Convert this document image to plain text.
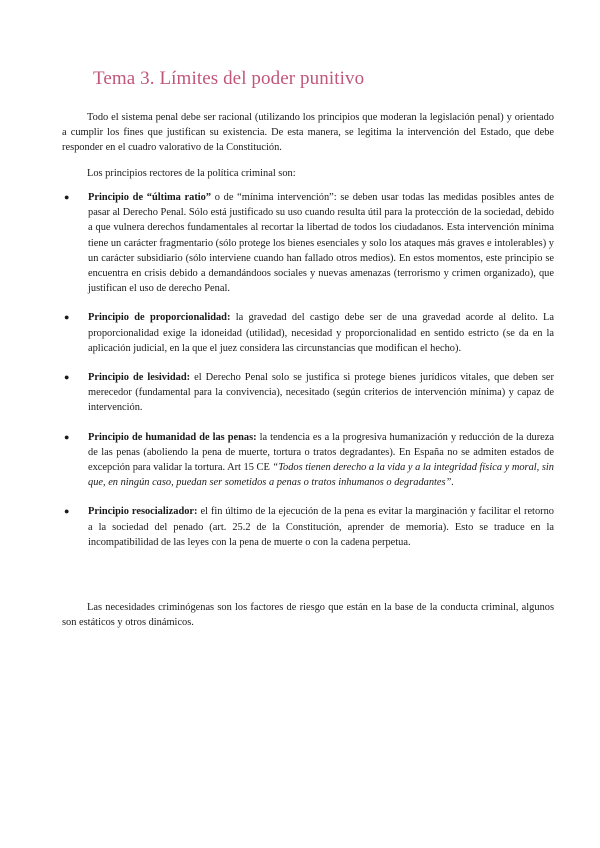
Tema 3. Límites del poder punitivo

Todo el sistema penal debe ser racional (utilizando los principios que moderan la legislación penal) y orientado a cumplir los fines que justifican su existencia. De esta manera, se legitima la intervención del Estado, que debe responder en el cuadro valorativo de la Constitución.

Los principios rectores de la política criminal son:

● Principio de “última ratio” o de “mínima intervención”: se deben usar todas las medidas posibles antes de pasar al Derecho Penal. Sólo está justificado su uso cuando resulta útil para la protección de la sociedad, debido a que vulnera derechos fundamentales al recortar la libertad de todos los ciudadanos. Esta intervención mínima tiene un carácter fragmentario (sólo protege los bienes esenciales y solo los ataques más graves e intolerables) y un carácter subsidiario (sólo interviene cuando han fallado otros medios). En estos momentos, este principio se encuentra en crisis debido a demandándoos sociales y nuevas amenazas (terrorismo y crimen organizado), que justifican el uso de derecho Penal.
● Principio de proporcionalidad: la gravedad del castigo debe ser de una gravedad acorde al delito. La proporcionalidad exige la idoneidad (utilidad), necesidad y proporcionalidad en sentido estricto (se da en la aplicación judicial, en la que el juez considera las circunstancias que modifican el hecho).
● Principio de lesividad: el Derecho Penal solo se justifica si protege bienes jurídicos vitales, que deben ser merecedor (fundamental para la convivencia), necesitado (según criterios de intervención mínima) y capaz de intervención.
● Principio de humanidad de las penas: la tendencia es a la progresiva humanización y reducción de la dureza de las penas (aboliendo la pena de muerte, tortura o tratos degradantes). En España no se admiten estados de excepción para validar la tortura. Art 15 CE “Todos tienen derecho a la vida y a la integridad física y moral, sin que, en ningún caso, puedan ser sometidos a penas o tratos inhumanos o degradantes”.
● Principio resocializador: el fin último de la ejecución de la pena es evitar la marginación y facilitar el retorno a la sociedad del penado (art. 25.2 de la Constitución, aprender de memoria). Esto se traduce en la incompatibilidad de las leyes con la pena de muerte o con la cadena perpetua.

Las necesidades criminógenas son los factores de riesgo que están en la base de la conducta criminal, algunos son estáticos y otros dinámicos.
